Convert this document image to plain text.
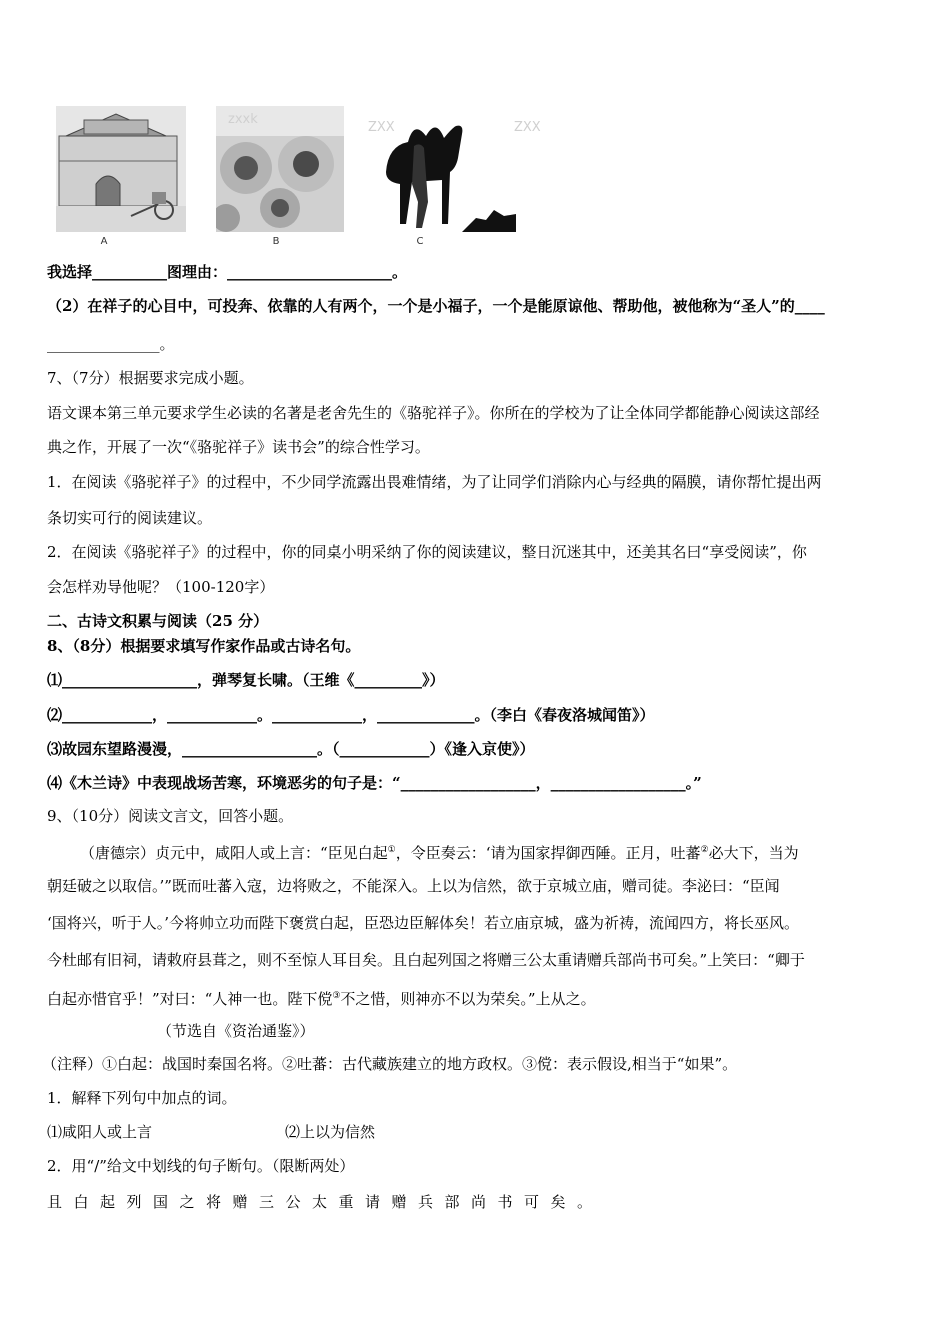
A
zxxk
B
ZXX	ZXX
C
我选择__________图理由：______________________。
（2）在祥子的心目中，可投奔、依靠的人有两个，一个是小福子，一个是能原谅他、帮助他，被他称为“圣人”的____
_______________。
7、（7分）根据要求完成小题。
语文课本第三单元要求学生必读的名著是老舍先生的《骆驼祥子》。你所在的学校为了让全体同学都能静心阅读这部经
典之作，开展了一次“《骆驼祥子》读书会”的综合性学习。
1．在阅读《骆驼祥子》的过程中，不少同学流露出畏难情绪，为了让同学们消除内心与经典的隔膜，请你帮忙提出两
条切实可行的阅读建议。
2．在阅读《骆驼祥子》的过程中，你的同桌小明采纳了你的阅读建议，整日沉迷其中，还美其名曰“享受阅读”，你
会怎样劝导他呢？（100-120字）
二、古诗文积累与阅读（25 分）
8、（8分）根据要求填写作家作品或古诗名句。
⑴__________________，弹琴复长啸。（王维《_________》）
⑵____________，____________。____________，_____________。（李白《春夜洛城闻笛》）
⑶故园东望路漫漫，__________________。（____________）《逢入京使》）
⑷《木兰诗》中表现战场苦寒，环境恶劣的句子是：“__________________，__________________。”
9、（10分）阅读文言文，回答小题。
（唐德宗）贞元中，咸阳人或上言：“臣见白起①，令臣奏云：‘请为国家捍御西陲。正月，吐蕃②必大下，当为
朝廷破之以取信。’”既而吐蕃入寇，边将败之，不能深入。上以为信然，欲于京城立庙，赠司徒。李泌曰：“臣闻
‘国将兴，听于人。’今将帅立功而陛下褒赏白起，臣恐边臣解体矣！若立庙京城，盛为祈祷，流闻四方，将长巫风。
今杜邮有旧祠，请敕府县葺之，则不至惊人耳目矣。且白起列国之将赠三公太重请赠兵部尚书可矣。”上笑曰：“卿于
白起亦惜官乎！”对曰：“人神一也。陛下傥③不之惜，则神亦不以为荣矣。”上从之。
（节选自《资治通鉴》）
（注释）①白起：战国时秦国名将。②吐蕃：古代藏族建立的地方政权。③傥：表示假设,相当于“如果”。
1．解释下列句中加点的词。
⑴咸阳人或上言	⑵上以为信然
2．用“/”给文中划线的句子断句。（限断两处）
且白起列国之将赠三公太重请赠兵部尚书可矣。
